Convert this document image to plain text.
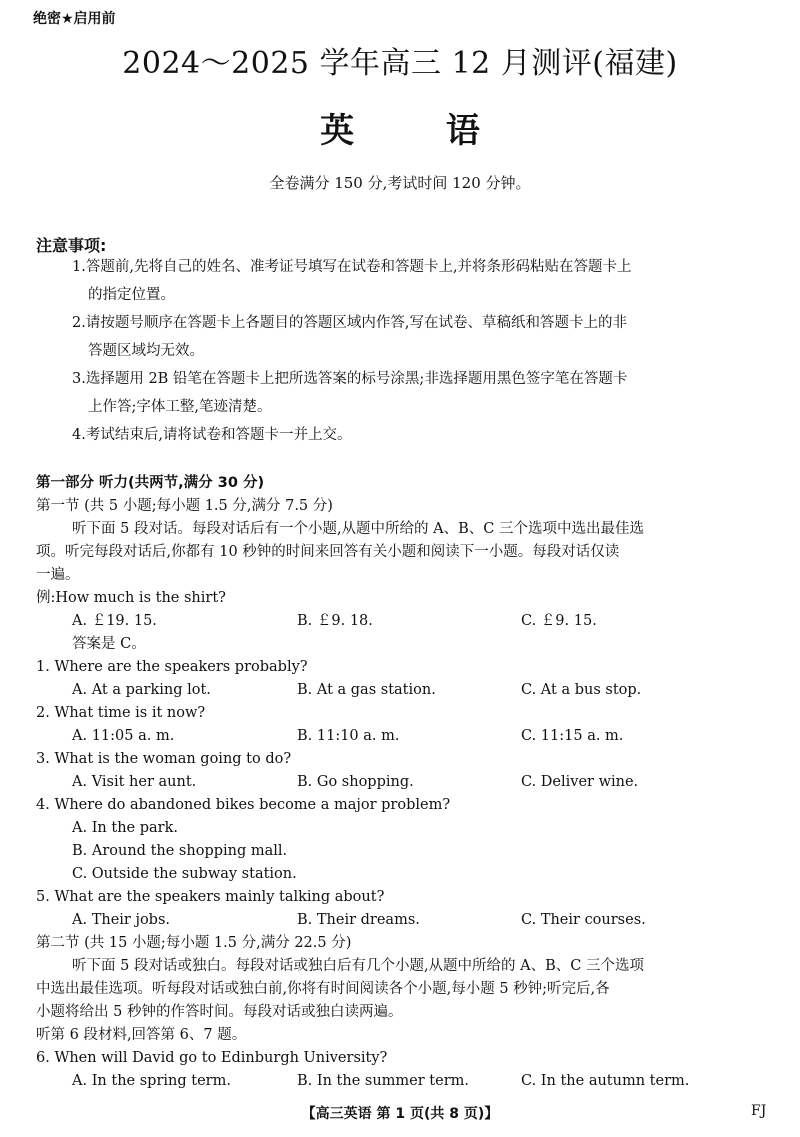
绝密★启用前
2024～2025 学年高三 12 月测评(福建)
英 语
全卷满分 150 分,考试时间 120 分钟。
注意事项:
1.答题前,先将自己的姓名、准考证号填写在试卷和答题卡上,并将条形码粘贴在答题卡上
的指定位置。
2.请按题号顺序在答题卡上各题目的答题区域内作答,写在试卷、草稿纸和答题卡上的非
答题区域均无效。
3.选择题用 2B 铅笔在答题卡上把所选答案的标号涂黑;非选择题用黑色签字笔在答题卡
上作答;字体工整,笔迹清楚。
4.考试结束后,请将试卷和答题卡一并上交。
第一部分 听力(共两节,满分 30 分)
第一节 (共 5 小题;每小题 1.5 分,满分 7.5 分)
听下面 5 段对话。每段对话后有一个小题,从题中所给的 A、B、C 三个选项中选出最佳选
项。听完每段对话后,你都有 10 秒钟的时间来回答有关小题和阅读下一小题。每段对话仅读
一遍。
例:How much is the shirt?
A. ￡19. 15.	B. ￡9. 18.	C. ￡9. 15.
答案是 C。
1. Where are the speakers probably?
A. At a parking lot.	B. At a gas station.	C. At a bus stop.
2. What time is it now?
A. 11:05 a. m.	B. 11:10 a. m.	C. 11:15 a. m.
3. What is the woman going to do?
A. Visit her aunt.	B. Go shopping.	C. Deliver wine.
4. Where do abandoned bikes become a major problem?
A. In the park.
B. Around the shopping mall.
C. Outside the subway station.
5. What are the speakers mainly talking about?
A. Their jobs.	B. Their dreams.	C. Their courses.
第二节 (共 15 小题;每小题 1.5 分,满分 22.5 分)
听下面 5 段对话或独白。每段对话或独白后有几个小题,从题中所给的 A、B、C 三个选项
中选出最佳选项。听每段对话或独白前,你将有时间阅读各个小题,每小题 5 秒钟;听完后,各
小题将给出 5 秒钟的作答时间。每段对话或独白读两遍。
听第 6 段材料,回答第 6、7 题。
6. When will David go to Edinburgh University?
A. In the spring term.	B. In the summer term.	C. In the autumn term.
【高三英语 第 1 页(共 8 页)】	FJ
